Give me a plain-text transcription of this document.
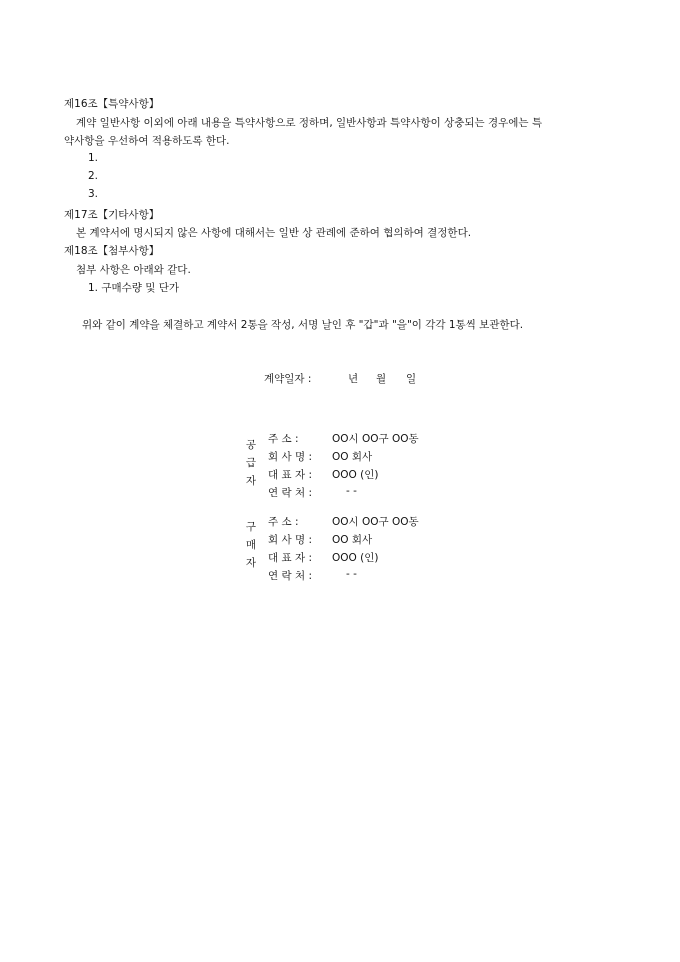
제16조【특약사항】
계약 일반사항 이외에 아래 내용을 특약사항으로 정하며, 일반사항과 특약사항이 상충되는 경우에는 특
약사항을 우선하여 적용하도록 한다.
1.
2.
3.
제17조【기타사항】
본 계약서에 명시되지 않은 사항에 대해서는 일반 상 관례에 준하여 협의하여 결정한다.
제18조【첨부사항】
첨부 사항은 아래와 같다.
1. 구매수량 및 단가
위와 같이 계약을 체결하고 계약서 2통을 작성, 서명 날인 후 "갑"과 "을"이 각각 1통씩 보관한다.
계약일자 :	년 월 일
공
급
자
주 소 :	OO시 OO구 OO동
회 사 명 :	OO 회사
대 표 자 :	OOO (인)
연 락 처 :	- -
구
매
자
주 소 :	OO시 OO구 OO동
회 사 명 :	OO 회사
대 표 자 :	OOO (인)
연 락 처 :	- -
